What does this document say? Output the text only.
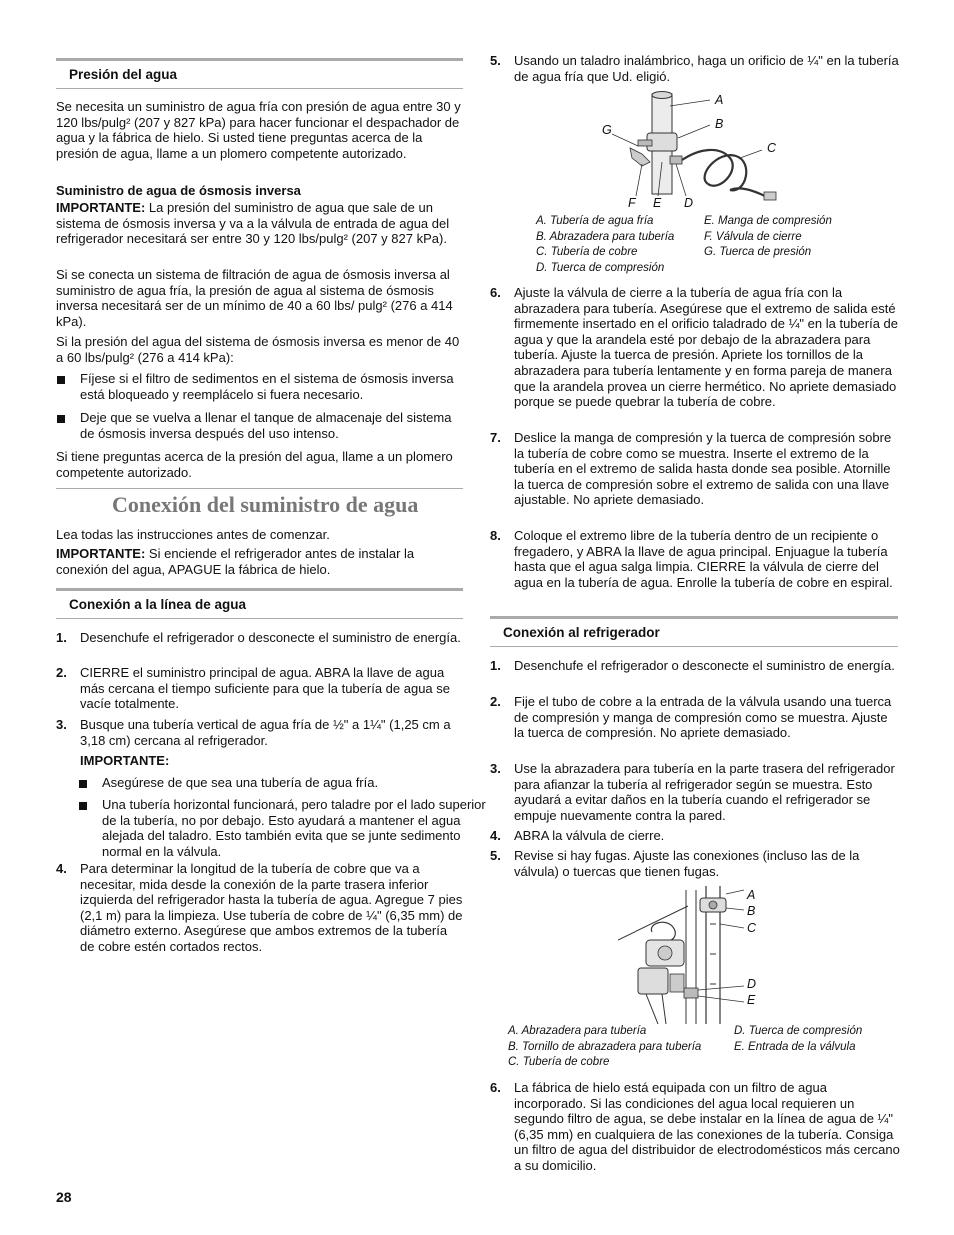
Presión del agua

Se necesita un suministro de agua fría con presión de agua entre 30 y 120 lbs/pulg² (207 y 827 kPa) para hacer funcionar el despachador de agua y la fábrica de hielo. Si usted tiene preguntas acerca de la presión de agua, llame a un plomero competente autorizado.

Suministro de agua de ósmosis inversa

IMPORTANTE: La presión del suministro de agua que sale de un sistema de ósmosis inversa y va a la válvula de entrada de agua del refrigerador necesitará ser entre 30 y 120 lbs/pulg² (207 y 827 kPa).

Si se conecta un sistema de filtración de agua de ósmosis inversa al suministro de agua fría, la presión de agua al sistema de ósmosis inversa necesitará ser de un mínimo de 40 a 60 lbs/ pulg² (276 a 414 kPa).

Si la presión del agua del sistema de ósmosis inversa es menor de 40 a 60 lbs/pulg² (276 a 414 kPa):

Fíjese si el filtro de sedimentos en el sistema de ósmosis inversa está bloqueado y reemplácelo si fuera necesario.
Deje que se vuelva a llenar el tanque de almacenaje del sistema de ósmosis inversa después del uso intenso.

Si tiene preguntas acerca de la presión del agua, llame a un plomero competente autorizado.

Conexión del suministro de agua

Lea todas las instrucciones antes de comenzar.

IMPORTANTE: Si enciende el refrigerador antes de instalar la conexión del agua, APAGUE la fábrica de hielo.

Conexión a la línea de agua
1. Desenchufe el refrigerador o desconecte el suministro de energía.
2. CIERRE el suministro principal de agua. ABRA la llave de agua más cercana el tiempo suficiente para que la tubería de agua se vacíe totalmente.
3. Busque una tubería vertical de agua fría de ½" a 1¼" (1,25 cm a 3,18 cm) cercana al refrigerador.

IMPORTANTE:

Asegúrese de que sea una tubería de agua fría.
Una tubería horizontal funcionará, pero taladre por el lado superior de la tubería, no por debajo. Esto ayudará a mantener el agua alejada del taladro. Esto también evita que se junte sedimento normal en la válvula.
4. Para determinar la longitud de la tubería de cobre que va a necesitar, mida desde la conexión de la parte trasera inferior izquierda del refrigerador hasta la tubería de agua. Agregue 7 pies (2,1 m) para la limpieza. Use tubería de cobre de ¼" (6,35 mm) de diámetro externo. Asegúrese que ambos extremos de la tubería de cobre estén cortados rectos.
28
5. Usando un taladro inalámbrico, haga un orificio de ¼" en la tubería de agua fría que Ud. eligió.
A
B
C
G
F E D
A. Tubería de agua fría	E. Manga de compresión
B. Abrazadera para tubería	F. Válvula de cierre
C. Tubería de cobre	G. Tuerca de presión
D. Tuerca de compresión
6. Ajuste la válvula de cierre a la tubería de agua fría con la abrazadera para tubería. Asegúrese que el extremo de salida esté firmemente insertado en el orificio taladrado de ¼" en la tubería de agua y que la arandela esté por debajo de la abrazadera para tubería. Ajuste la tuerca de presión. Apriete los tornillos de la abrazadera para tubería lentamente y en forma pareja de manera que la arandela provea un cierre hermético. No apriete demasiado porque se puede quebrar la tubería de cobre.
7. Deslice la manga de compresión y la tuerca de compresión sobre la tubería de cobre como se muestra. Inserte el extremo de la tubería en el extremo de salida hasta donde sea posible. Atornille la tuerca de compresión sobre el extremo de salida con una llave ajustable. No apriete demasiado.
8. Coloque el extremo libre de la tubería dentro de un recipiente o fregadero, y ABRA la llave de agua principal. Enjuague la tubería hasta que el agua salga limpia. CIERRE la válvula de cierre del agua en la tubería de agua. Enrolle la tubería de cobre en espiral.
Conexión al refrigerador
1. Desenchufe el refrigerador o desconecte el suministro de energía.
2. Fije el tubo de cobre a la entrada de la válvula usando una tuerca de compresión y manga de compresión como se muestra. Ajuste la tuerca de compresión. No apriete demasiado.
3. Use la abrazadera para tubería en la parte trasera del refrigerador para afianzar la tubería al refrigerador según se muestra. Esto ayudará a evitar daños en la tubería cuando el refrigerador se empuje nuevamente contra la pared.
4. ABRA la válvula de cierre.
5. Revise si hay fugas. Ajuste las conexiones (incluso las de la válvula) o tuercas que tienen fugas.
A
B
C
D
E
A. Abrazadera para tubería	D. Tuerca de compresión
B. Tornillo de abrazadera para tubería	E. Entrada de la válvula
C. Tubería de cobre
6. La fábrica de hielo está equipada con un filtro de agua incorporado. Si las condiciones del agua local requieren un segundo filtro de agua, se debe instalar en la línea de agua de ¼" (6,35 mm) en cualquiera de las conexiones de la tubería. Consiga un filtro de agua del distribuidor de electrodomésticos más cercano a su domicilio.
